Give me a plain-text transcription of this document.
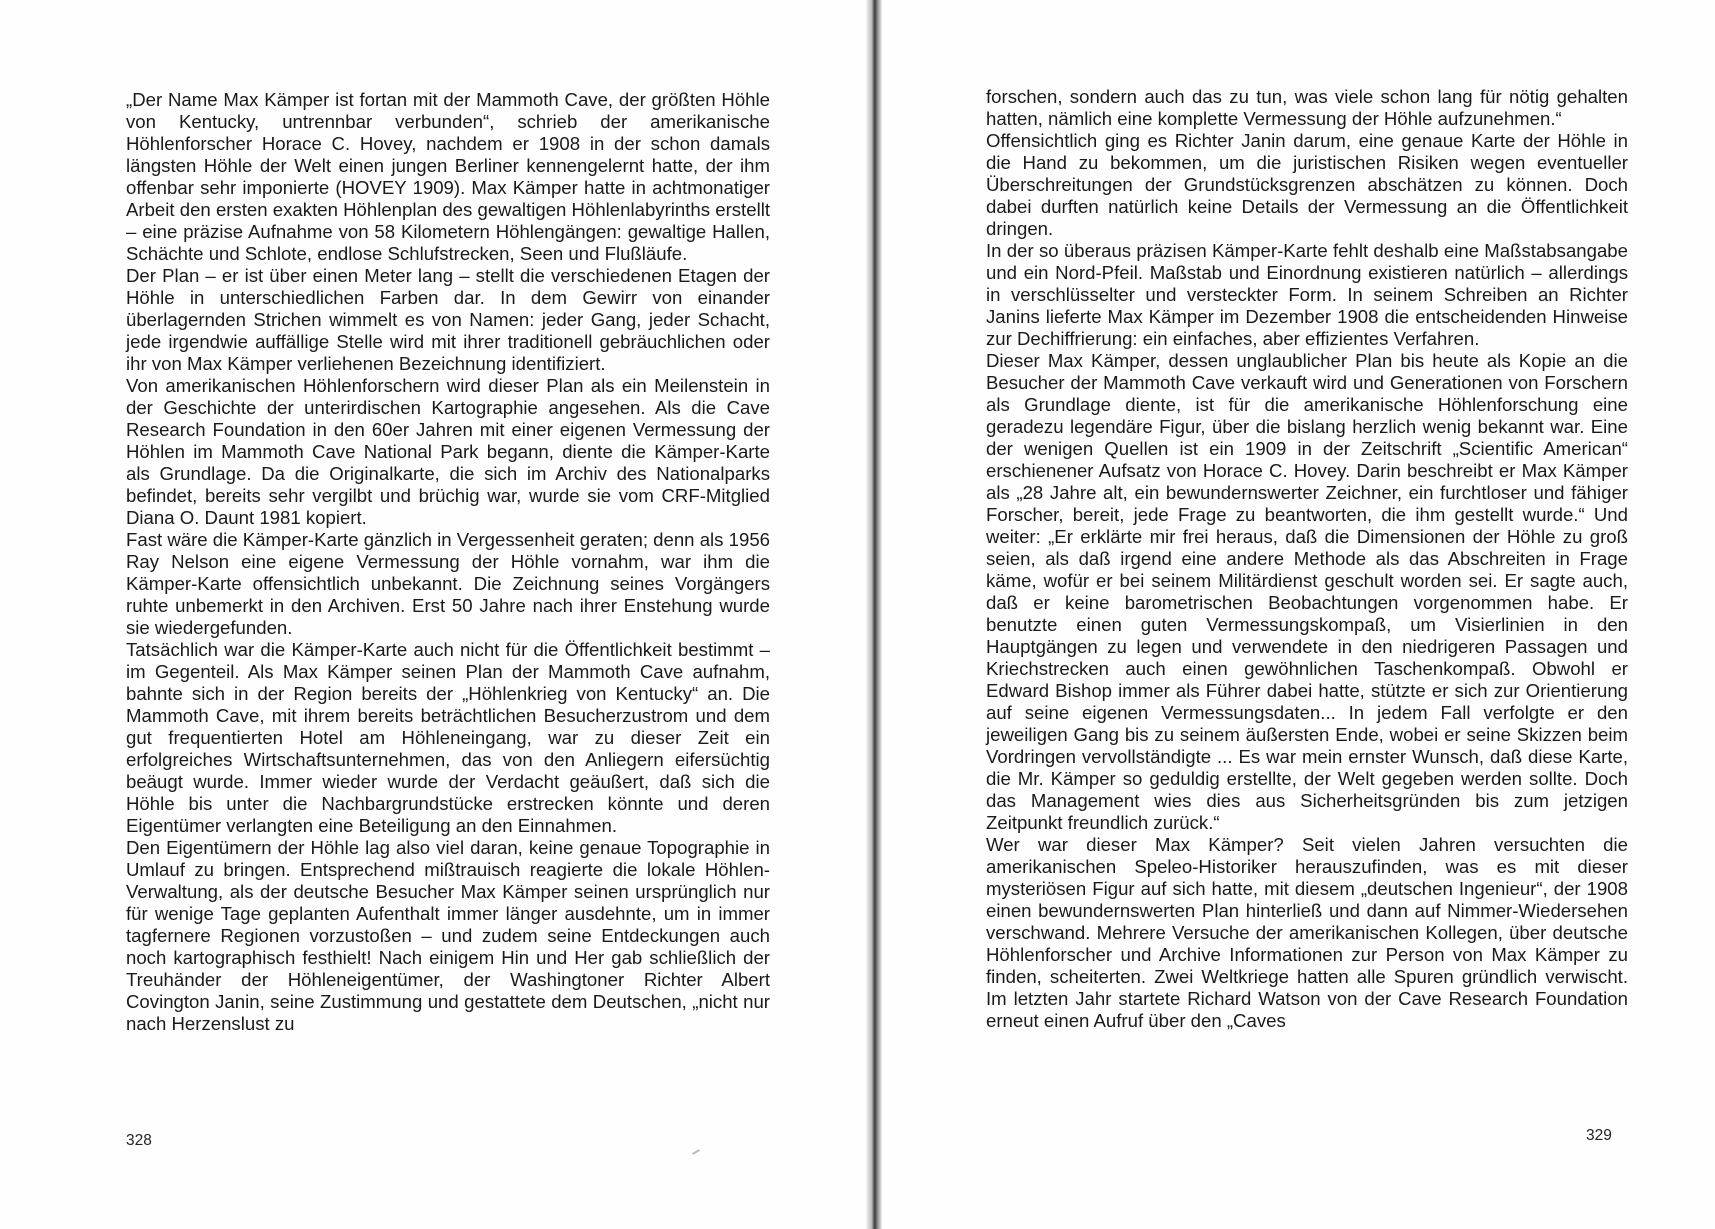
„Der Name Max Kämper ist fortan mit der Mammoth Cave, der größten Höhle von Kentucky, untrennbar verbunden“, schrieb der amerikanische Höhlenforscher Horace C. Hovey, nachdem er 1908 in der schon damals längsten Höhle der Welt einen jungen Berliner kennengelernt hatte, der ihm offenbar sehr imponierte (HOVEY 1909). Max Kämper hatte in achtmonatiger Arbeit den ersten exakten Höhlenplan des gewaltigen Höhlenlabyrinths erstellt – eine präzise Aufnahme von 58 Kilometern Höhlengängen: gewaltige Hallen, Schächte und Schlote, endlose Schlufstrecken, Seen und Flußläufe.

Der Plan – er ist über einen Meter lang – stellt die verschiedenen Etagen der Höhle in unterschiedlichen Farben dar. In dem Gewirr von einander überlagernden Strichen wimmelt es von Namen: jeder Gang, jeder Schacht, jede irgendwie auffällige Stelle wird mit ihrer traditionell gebräuchlichen oder ihr von Max Kämper verliehenen Bezeichnung identifiziert.

Von amerikanischen Höhlenforschern wird dieser Plan als ein Meilenstein in der Geschichte der unterirdischen Kartographie angesehen. Als die Cave Research Foundation in den 60er Jahren mit einer eigenen Vermessung der Höhlen im Mammoth Cave National Park begann, diente die Kämper-Karte als Grundlage. Da die Originalkarte, die sich im Archiv des Nationalparks befindet, bereits sehr vergilbt und brüchig war, wurde sie vom CRF-Mitglied Diana O. Daunt 1981 kopiert.

Fast wäre die Kämper-Karte gänzlich in Vergessenheit geraten; denn als 1956 Ray Nelson eine eigene Vermessung der Höhle vornahm, war ihm die Kämper-Karte offensichtlich unbekannt. Die Zeichnung seines Vorgängers ruhte unbemerkt in den Archiven. Erst 50 Jahre nach ihrer Enstehung wurde sie wiedergefunden.

Tatsächlich war die Kämper-Karte auch nicht für die Öffentlichkeit bestimmt – im Gegenteil. Als Max Kämper seinen Plan der Mammoth Cave aufnahm, bahnte sich in der Region bereits der „Höhlenkrieg von Kentucky“ an. Die Mammoth Cave, mit ihrem bereits beträchtlichen Besucherzustrom und dem gut frequentierten Hotel am Höhleneingang, war zu dieser Zeit ein erfolgreiches Wirtschaftsunternehmen, das von den Anliegern eifersüchtig beäugt wurde. Immer wieder wurde der Verdacht geäußert, daß sich die Höhle bis unter die Nachbargrundstücke erstrecken könnte und deren Eigentümer verlangten eine Beteiligung an den Einnahmen.

Den Eigentümern der Höhle lag also viel daran, keine genaue Topographie in Umlauf zu bringen. Entsprechend mißtrauisch reagierte die lokale Höhlen-Verwaltung, als der deutsche Besucher Max Kämper seinen ursprünglich nur für wenige Tage geplanten Aufenthalt immer länger ausdehnte, um in immer tagfernere Regionen vorzustoßen – und zudem seine Entdeckungen auch noch kartographisch festhielt! Nach einigem Hin und Her gab schließlich der Treuhänder der Höhleneigentümer, der Washingtoner Richter Albert Covington Janin, seine Zustimmung und gestattete dem Deutschen, „nicht nur nach Herzenslust zu

328

forschen, sondern auch das zu tun, was viele schon lang für nötig gehalten hatten, nämlich eine komplette Vermessung der Höhle aufzunehmen.“

Offensichtlich ging es Richter Janin darum, eine genaue Karte der Höhle in die Hand zu bekommen, um die juristischen Risiken wegen eventueller Überschreitungen der Grundstücksgrenzen abschätzen zu können. Doch dabei durften natürlich keine Details der Vermessung an die Öffentlichkeit dringen.

In der so überaus präzisen Kämper-Karte fehlt deshalb eine Maßstabsangabe und ein Nord-Pfeil. Maßstab und Einordnung existieren natürlich – allerdings in verschlüsselter und versteckter Form. In seinem Schreiben an Richter Janins lieferte Max Kämper im Dezember 1908 die entscheidenden Hinweise zur Dechiffrierung: ein einfaches, aber effizientes Verfahren.

Dieser Max Kämper, dessen unglaublicher Plan bis heute als Kopie an die Besucher der Mammoth Cave verkauft wird und Generationen von Forschern als Grundlage diente, ist für die amerikanische Höhlenforschung eine geradezu legendäre Figur, über die bislang herzlich wenig bekannt war. Eine der wenigen Quellen ist ein 1909 in der Zeitschrift „Scientific American“ erschienener Aufsatz von Horace C. Hovey. Darin beschreibt er Max Kämper als „28 Jahre alt, ein bewundernswerter Zeichner, ein furchtloser und fähiger Forscher, bereit, jede Frage zu beantworten, die ihm gestellt wurde.“ Und weiter: „Er erklärte mir frei heraus, daß die Dimensionen der Höhle zu groß seien, als daß irgend eine andere Methode als das Abschreiten in Frage käme, wofür er bei seinem Militärdienst geschult worden sei. Er sagte auch, daß er keine barometrischen Beobachtungen vorgenommen habe. Er benutzte einen guten Vermessungskompaß, um Visierlinien in den Hauptgängen zu legen und verwendete in den niedrigeren Passagen und Kriechstrecken auch einen gewöhnlichen Taschenkompaß. Obwohl er Edward Bishop immer als Führer dabei hatte, stützte er sich zur Orientierung auf seine eigenen Vermessungsdaten... In jedem Fall verfolgte er den jeweiligen Gang bis zu seinem äußersten Ende, wobei er seine Skizzen beim Vordringen vervollständigte ... Es war mein ernster Wunsch, daß diese Karte, die Mr. Kämper so geduldig erstellte, der Welt gegeben werden sollte. Doch das Management wies dies aus Sicherheitsgründen bis zum jetzigen Zeitpunkt freundlich zurück.“

Wer war dieser Max Kämper? Seit vielen Jahren versuchten die amerikanischen Speleo-Historiker herauszufinden, was es mit dieser mysteriösen Figur auf sich hatte, mit diesem „deutschen Ingenieur“, der 1908 einen bewundernswerten Plan hinterließ und dann auf Nimmer-Wiedersehen verschwand. Mehrere Versuche der amerikanischen Kollegen, über deutsche Höhlenforscher und Archive Informationen zur Person von Max Kämper zu finden, scheiterten. Zwei Weltkriege hatten alle Spuren gründlich verwischt. Im letzten Jahr startete Richard Watson von der Cave Research Foundation erneut einen Aufruf über den „Caves

329
